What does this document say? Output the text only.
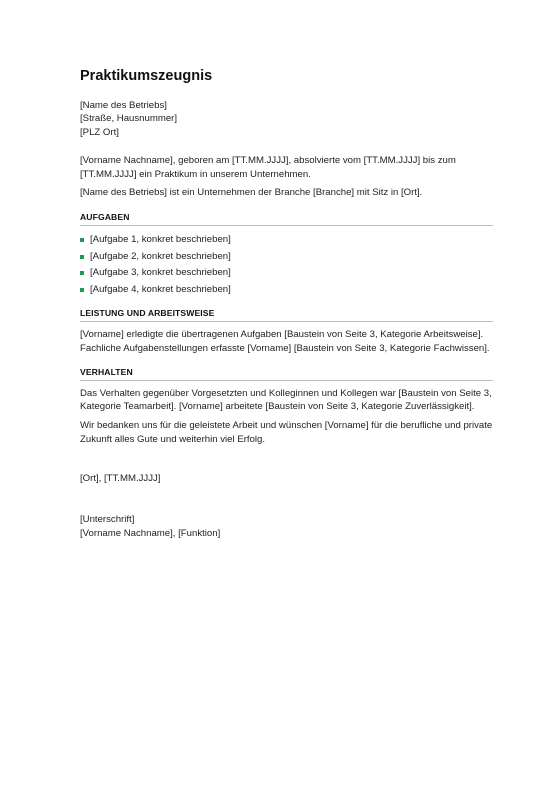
Praktikumszeugnis
[Name des Betriebs]
[Straße, Hausnummer]
[PLZ Ort]

[Vorname Nachname], geboren am [TT.MM.JJJJ], absolvierte vom [TT.MM.JJJJ] bis zum [TT.MM.JJJJ] ein Praktikum in unserem Unternehmen.

[Name des Betriebs] ist ein Unternehmen der Branche [Branche] mit Sitz in [Ort].

AUFGABEN
[Aufgabe 1, konkret beschrieben]
[Aufgabe 2, konkret beschrieben]
[Aufgabe 3, konkret beschrieben]
[Aufgabe 4, konkret beschrieben]
LEISTUNG UND ARBEITSWEISE

[Vorname] erledigte die übertragenen Aufgaben [Baustein von Seite 3, Kategorie Arbeitsweise]. Fachliche Aufgabenstellungen erfasste [Vorname] [Baustein von Seite 3, Kategorie Fachwissen].

VERHALTEN

Das Verhalten gegenüber Vorgesetzten und Kolleginnen und Kollegen war [Baustein von Seite 3, Kategorie Teamarbeit]. [Vorname] arbeitete [Baustein von Seite 3, Kategorie Zuverlässigkeit].

Wir bedanken uns für die geleistete Arbeit und wünschen [Vorname] für die berufliche und private Zukunft alles Gute und weiterhin viel Erfolg.

[Ort], [TT.MM.JJJJ]

[Unterschrift]
[Vorname Nachname], [Funktion]
